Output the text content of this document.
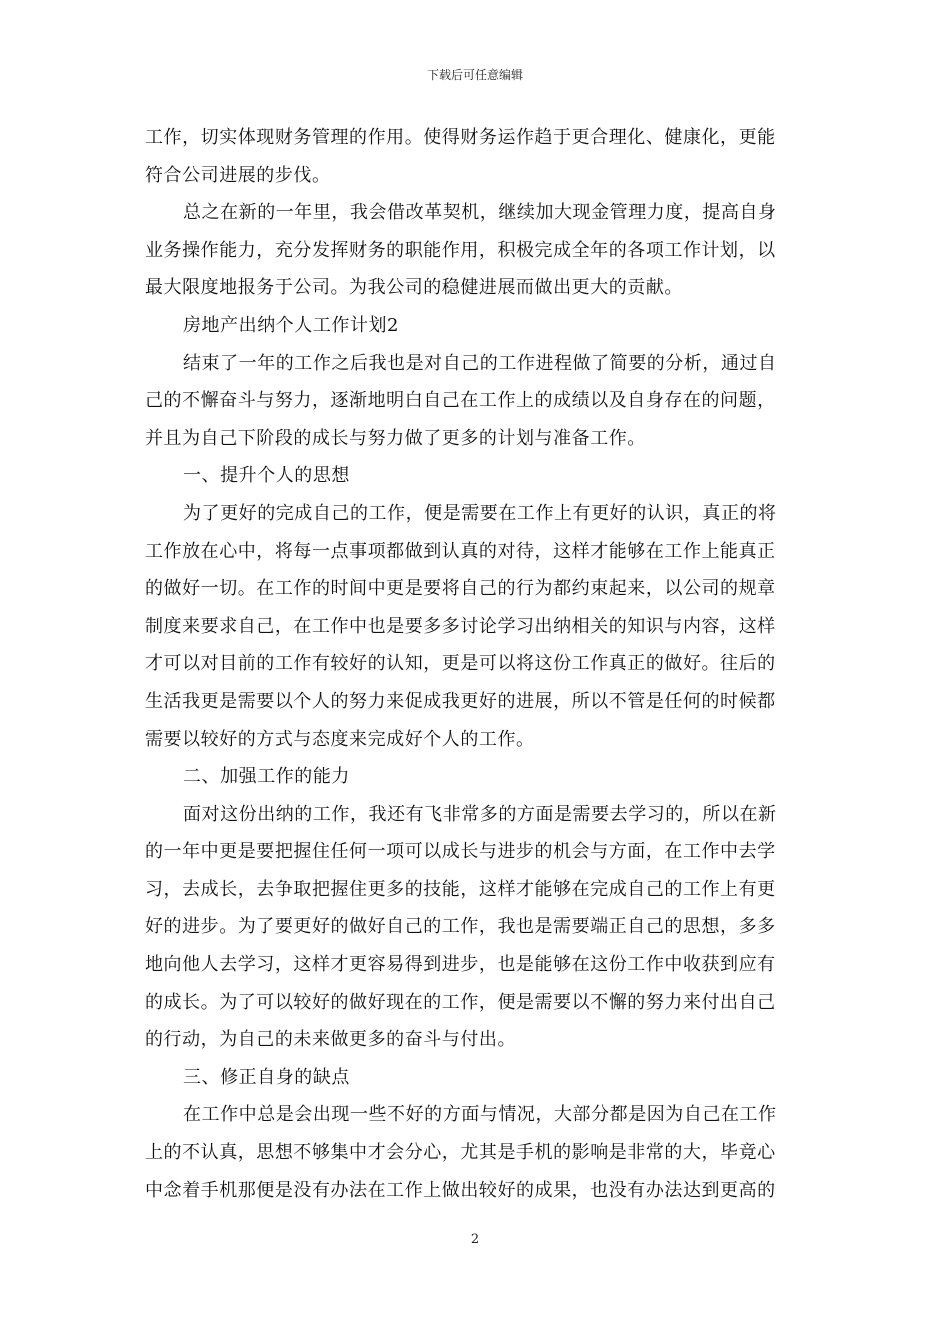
下载后可任意编辑
工作，切实体现财务管理的作用。使得财务运作趋于更合理化、健康化，更能
符合公司进展的步伐。
总之在新的一年里，我会借改革契机，继续加大现金管理力度，提高自身
业务操作能力，充分发挥财务的职能作用，积极完成全年的各项工作计划，以
最大限度地报务于公司。为我公司的稳健进展而做出更大的贡献。
房地产出纳个人工作计划2
结束了一年的工作之后我也是对自己的工作进程做了简要的分析，通过自
己的不懈奋斗与努力，逐渐地明白自己在工作上的成绩以及自身存在的问题，
并且为自己下阶段的成长与努力做了更多的计划与准备工作。
一、提升个人的思想
为了更好的完成自己的工作，便是需要在工作上有更好的认识，真正的将
工作放在心中，将每一点事项都做到认真的对待，这样才能够在工作上能真正
的做好一切。在工作的时间中更是要将自己的行为都约束起来，以公司的规章
制度来要求自己，在工作中也是要多多讨论学习出纳相关的知识与内容，这样
才可以对目前的工作有较好的认知，更是可以将这份工作真正的做好。往后的
生活我更是需要以个人的努力来促成我更好的进展，所以不管是任何的时候都
需要以较好的方式与态度来完成好个人的工作。
二、加强工作的能力
面对这份出纳的工作，我还有飞非常多的方面是需要去学习的，所以在新
的一年中更是要把握住任何一项可以成长与进步的机会与方面，在工作中去学
习，去成长，去争取把握住更多的技能，这样才能够在完成自己的工作上有更
好的进步。为了要更好的做好自己的工作，我也是需要端正自己的思想，多多
地向他人去学习，这样才更容易得到进步，也是能够在这份工作中收获到应有
的成长。为了可以较好的做好现在的工作，便是需要以不懈的努力来付出自己
的行动，为自己的未来做更多的奋斗与付出。
三、修正自身的缺点
在工作中总是会出现一些不好的方面与情况，大部分都是因为自己在工作
上的不认真，思想不够集中才会分心，尤其是手机的影响是非常的大，毕竟心
中念着手机那便是没有办法在工作上做出较好的成果，也没有办法达到更高的
2
